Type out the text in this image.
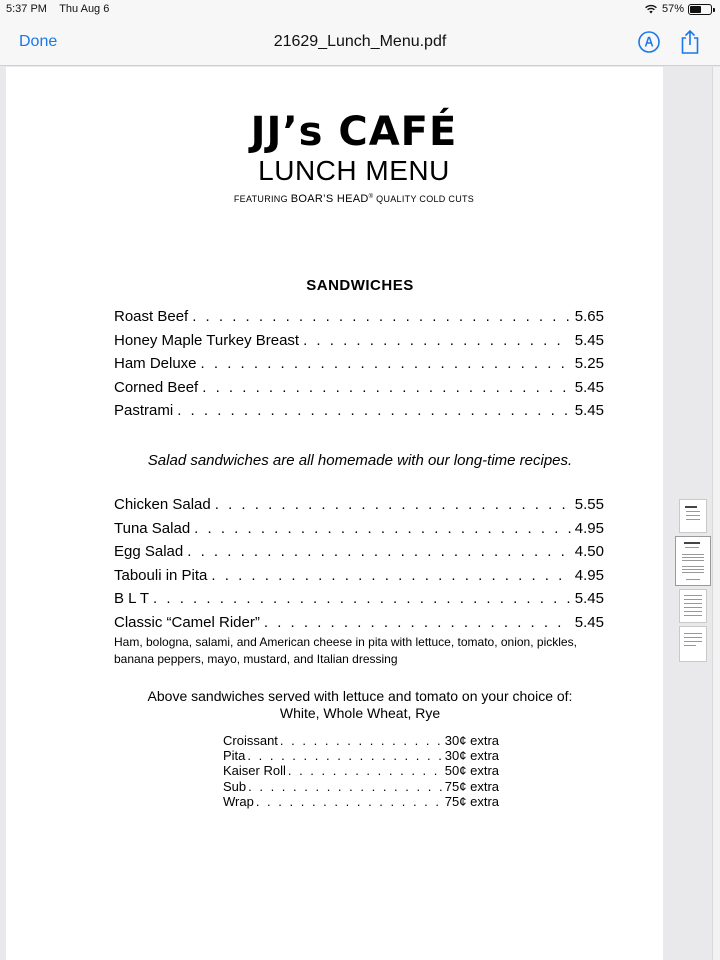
5:37 PM Thu Aug 6	57%
Done	21629_Lunch_Menu.pdf
JJ’s CAFÉ
LUNCH MENU
FEATURING BOAR’S HEAD® QUALITY COLD CUTS
SANDWICHES
Roast Beef . . .	5.65
Honey Maple Turkey Breast . . .	5.45
Ham Deluxe . . .	5.25
Corned Beef . . .	5.45
Pastrami . . .	5.45
Salad sandwiches are all homemade with our long-time recipes.
Chicken Salad . . .	5.55
Tuna Salad . . .	4.95
Egg Salad . . .	4.50
Tabouli in Pita . . .	4.95
B L T . . .	5.45
Classic “Camel Rider” . . .	5.45
Ham, bologna, salami, and American cheese in pita with lettuce, tomato, onion, pickles, banana peppers, mayo, mustard, and Italian dressing
Above sandwiches served with lettuce and tomato on your choice of:
White, Whole Wheat, Rye
Croissant . . .	30¢ extra
Pita . . .	30¢ extra
Kaiser Roll . . .	50¢ extra
Sub . . .	75¢ extra
Wrap . . .	75¢ extra
